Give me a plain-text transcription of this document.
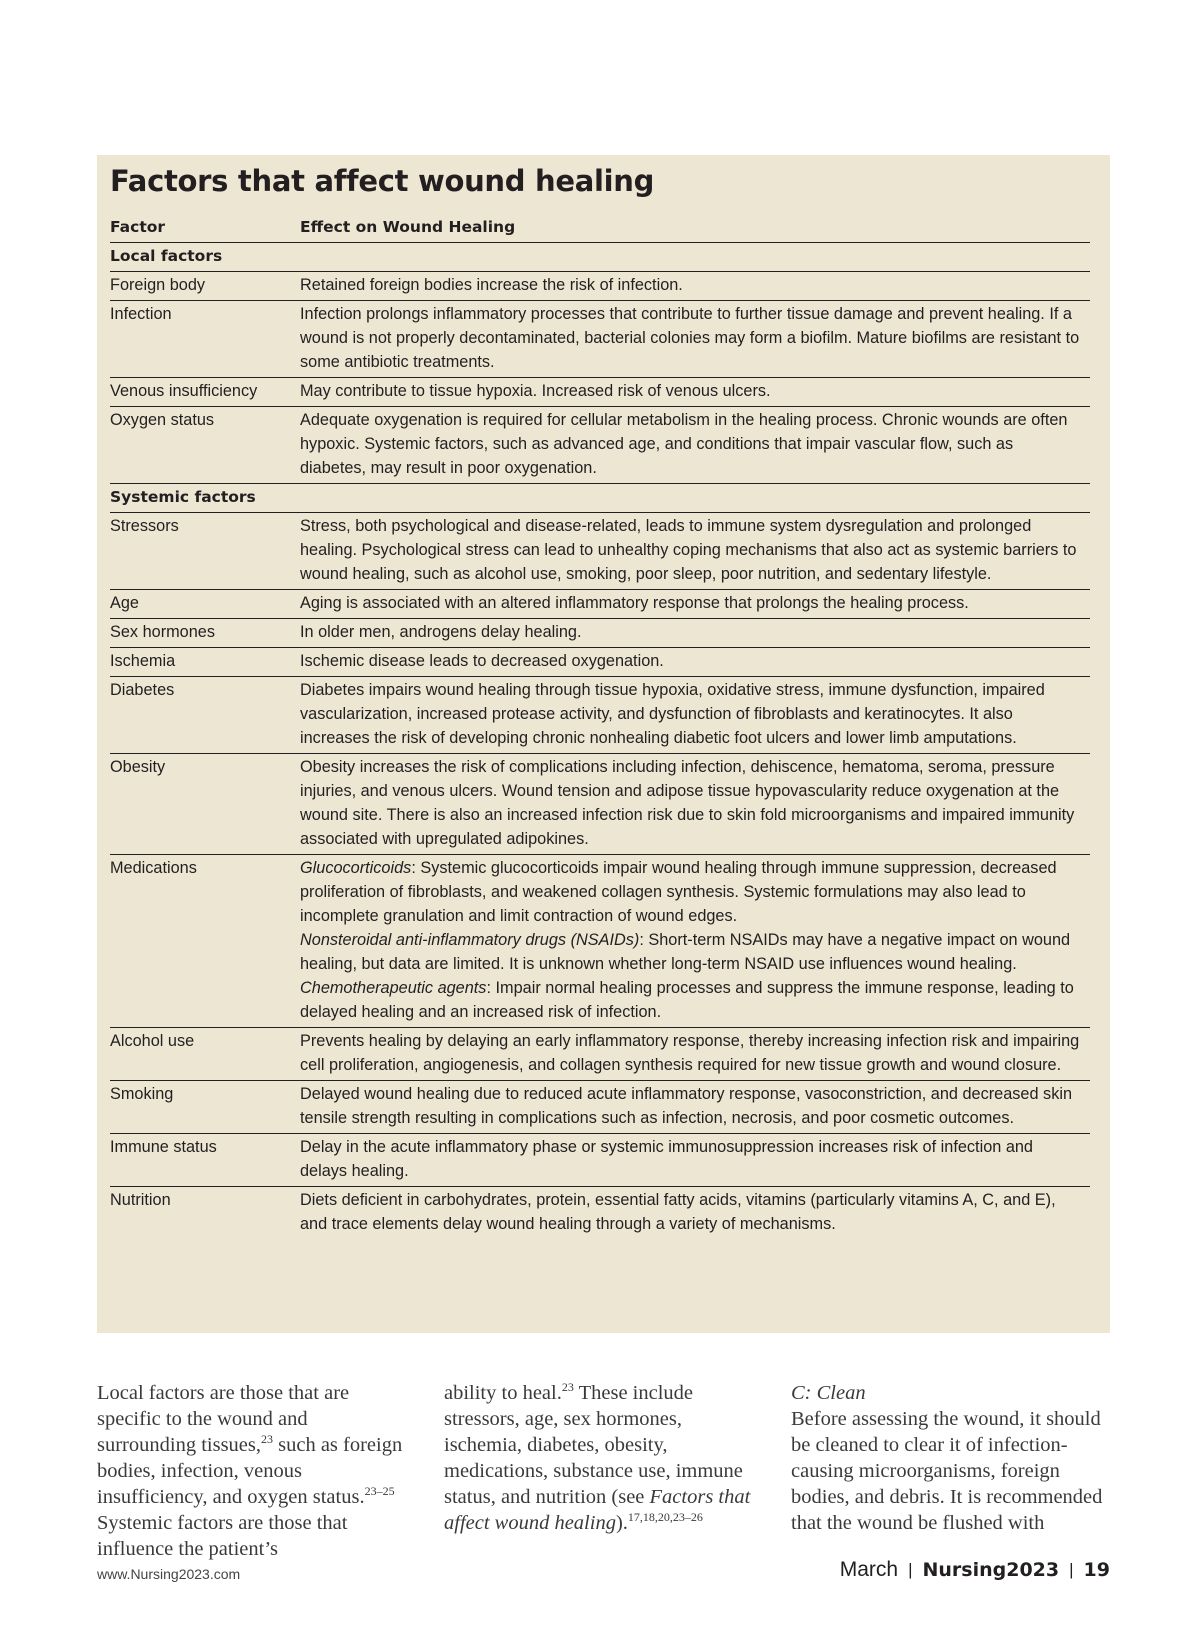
Factors that affect wound healing
Factor	Effect on Wound Healing
Local factors	
Foreign body	Retained foreign bodies increase the risk of infection.
Infection	Infection prolongs inflammatory processes that contribute to further tissue damage and prevent healing. If a wound is not properly decontaminated, bacterial colonies may form a biofilm. Mature biofilms are resistant to some antibiotic treatments.
Venous insufficiency	May contribute to tissue hypoxia. Increased risk of venous ulcers.
Oxygen status	Adequate oxygenation is required for cellular metabolism in the healing process. Chronic wounds are often hypoxic. Systemic factors, such as advanced age, and conditions that impair vascular flow, such as diabetes, may result in poor oxygenation.
Systemic factors	
Stressors	Stress, both psychological and disease-related, leads to immune system dysregulation and prolonged healing. Psychological stress can lead to unhealthy coping mechanisms that also act as systemic barriers to wound healing, such as alcohol use, smoking, poor sleep, poor nutrition, and sedentary lifestyle.
Age	Aging is associated with an altered inflammatory response that prolongs the healing process.
Sex hormones	In older men, androgens delay healing.
Ischemia	Ischemic disease leads to decreased oxygenation.
Diabetes	Diabetes impairs wound healing through tissue hypoxia, oxidative stress, immune dysfunction, impaired vascularization, increased protease activity, and dysfunction of fibroblasts and keratinocytes. It also increases the risk of developing chronic nonhealing diabetic foot ulcers and lower limb amputations.
Obesity	Obesity increases the risk of complications including infection, dehiscence, hematoma, seroma, pressure injuries, and venous ulcers. Wound tension and adipose tissue hypovascularity reduce oxygenation at the wound site. There is also an increased infection risk due to skin fold microorganisms and impaired immunity associated with upregulated adipokines.
Medications	Glucocorticoids: Systemic glucocorticoids impair wound healing through immune suppression, decreased proliferation of fibroblasts, and weakened collagen synthesis. Systemic formulations may also lead to incomplete granulation and limit contraction of wound edges.
Nonsteroidal anti-inflammatory drugs (NSAIDs): Short-term NSAIDs may have a negative impact on wound healing, but data are limited. It is unknown whether long-term NSAID use influences wound healing.
Chemotherapeutic agents: Impair normal healing processes and suppress the immune response, leading to delayed healing and an increased risk of infection.
Alcohol use	Prevents healing by delaying an early inflammatory response, thereby increasing infection risk and impairing cell proliferation, angiogenesis, and collagen synthesis required for new tissue growth and wound closure.
Smoking	Delayed wound healing due to reduced acute inflammatory response, vasoconstriction, and decreased skin tensile strength resulting in complications such as infection, necrosis, and poor cosmetic outcomes.
Immune status	Delay in the acute inflammatory phase or systemic immunosuppression increases risk of infection and delays healing.
Nutrition	Diets deficient in carbohydrates, protein, essential fatty acids, vitamins (particularly vitamins A, C, and E), and trace elements delay wound healing through a variety of mechanisms.
Local factors are those that are specific to the wound and surrounding tissues,$^{23}$ such as foreign bodies, infection, venous insufficiency, and oxygen status.$^{23-25}$ Systemic factors are those that influence the patient’s
ability to heal.$^{23}$ These include stressors, age, sex hormones, ischemia, diabetes, obesity, medications, substance use, immune status, and nutrition (see Factors that affect wound healing).$^{17,18,20,23-26}$
C: Clean
Before assessing the wound, it should be cleaned to clear it of infection-causing microorganisms, foreign bodies, and debris. It is recommended that the wound be flushed with
www.Nursing2023.com	March | Nursing2023 | 19
